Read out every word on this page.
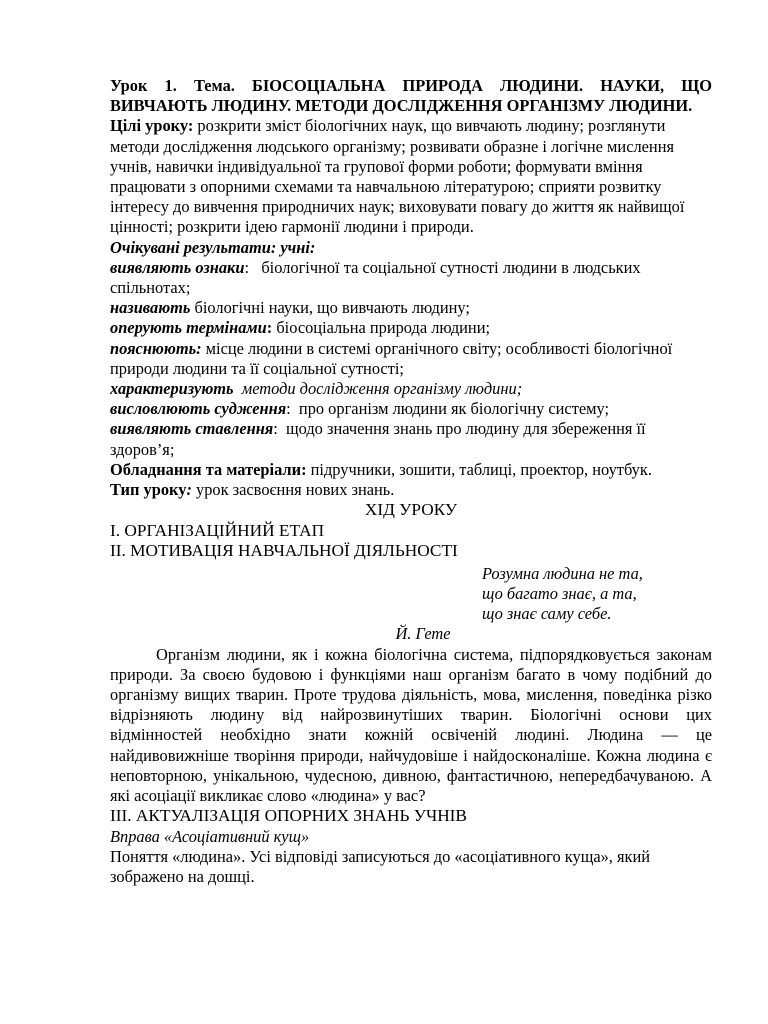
Урок 1. Тема. БІОСОЦІАЛЬНА ПРИРОДА ЛЮДИНИ. НАУКИ, ЩО ВИВЧАЮТЬ ЛЮДИНУ. МЕТОДИ ДОСЛІДЖЕННЯ ОРГАНІЗМУ ЛЮДИНИ.

Цілі уроку: розкрити зміст біологічних наук, що вивчають людину; розглянути методи дослідження людського організму; розвивати образне і логічне мислення учнів, навички індивідуальної та групової форми роботи; формувати вміння працювати з опорними схемами та навчальною літературою; сприяти розвитку інтересу до вивчення природничих наук; виховувати повагу до життя як найвищої цінності; розкрити ідею гармонії людини і природи.

Очікувані результати: учні:

виявляють ознаки: біологічної та соціальної сутності людини в людських спільнотах;

називають біологічні науки, що вивчають людину;

оперують термінами: біосоціальна природа людини;

пояснюють: місце людини в системі органічного світу; особливості біологічної природи людини та її соціальної сутності;

характеризують методи дослідження організму людини;

висловлюють судження: про організм людини як біологічну систему;

виявляють ставлення: щодо значення знань про людину для збереження її здоров’я;

Обладнання та матеріали: підручники, зошити, таблиці, проектор, ноутбук.

Тип уроку: урок засвоєння нових знань.

ХІД УРОКУ

І. ОРГАНІЗАЦІЙНИЙ ЕТАП

ІІ. МОТИВАЦІЯ НАВЧАЛЬНОЇ ДІЯЛЬНОСТІ

Розумна людина не та,

що багато знає, а та,

що знає саму себе.

Й. Гете

Організм людини, як і кожна біологічна система, підпорядковується законам природи. За своєю будовою і функціями наш організм багато в чому подібний до організму вищих тварин. Проте трудова діяльність, мова, мислення, поведінка різко відрізняють людину від найрозвинутіших тварин. Біологічні основи цих відмінностей необхідно знати кожній освіченій людині. Людина — це найдивовижніше творіння природи, найчудовіше і найдосконаліше. Кожна людина є неповторною, унікальною, чудесною, дивною, фантастичною, непередбачуваною. А які асоціації викликає слово «людина» у вас?

ІІІ. АКТУАЛІЗАЦІЯ ОПОРНИХ ЗНАНЬ УЧНІВ

Вправа «Асоціативний кущ»

Поняття «людина». Усі відповіді записуються до «асоціативного куща», який зображено на дошці.
